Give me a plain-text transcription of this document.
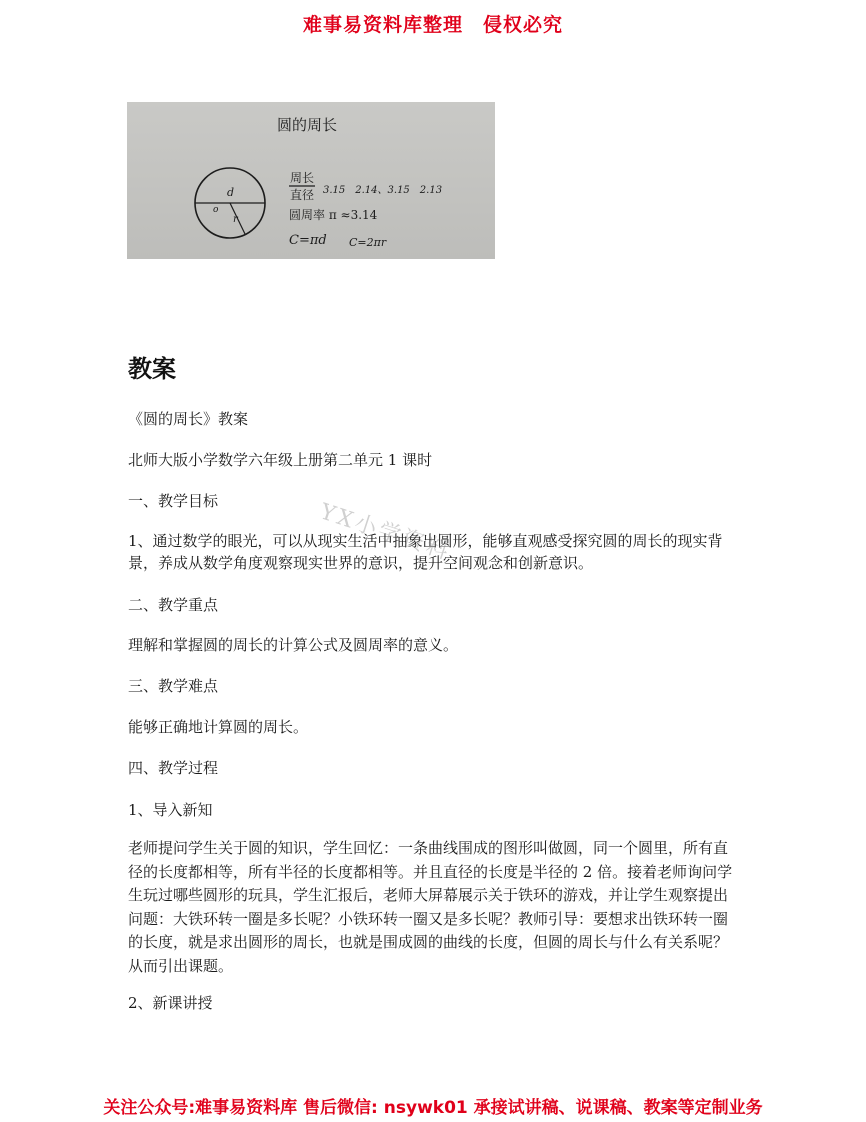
难事易资料库整理　侵权必究
圆的周长
d
o
r
周长
直径 3.15　2.14、3.15　2.13
圆周率 π ≈3.14
C=πd C=2πr
教案
《圆的周长》教案
北师大版小学数学六年级上册第二单元 1 课时
一、教学目标
1、通过数学的眼光，可以从现实生活中抽象出圆形，能够直观感受探究圆的周长的现实背景，养成从数学角度观察现实世界的意识，提升空间观念和创新意识。
二、教学重点
理解和掌握圆的周长的计算公式及圆周率的意义。
三、教学难点
能够正确地计算圆的周长。
四、教学过程
1、导入新知
老师提问学生关于圆的知识，学生回忆：一条曲线围成的图形叫做圆，同一个圆里，所有直径的长度都相等，所有半径的长度都相等。并且直径的长度是半径的 2 倍。接着老师询问学生玩过哪些圆形的玩具，学生汇报后，老师大屏幕展示关于铁环的游戏，并让学生观察提出问题：大铁环转一圈是多长呢？小铁环转一圈又是多长呢？教师引导：要想求出铁环转一圈的长度，就是求出圆形的周长，也就是围成圆的曲线的长度，但圆的周长与什么有关系呢？从而引出课题。
2、新课讲授
YX小学资料
关注公众号:难事易资料库 售后微信: nsywk01 承接试讲稿、说课稿、教案等定制业务
